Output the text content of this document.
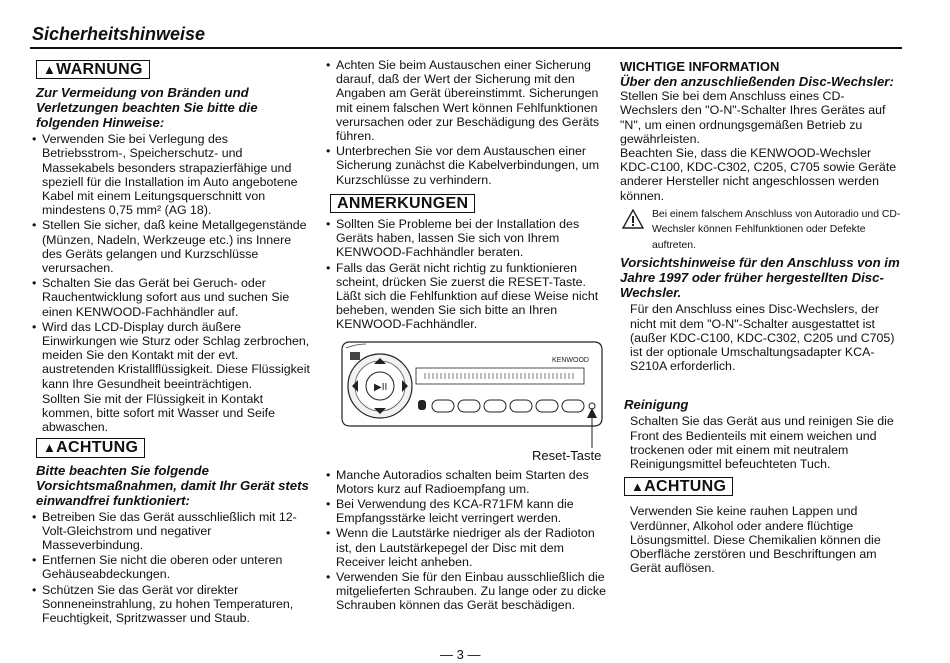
Sicherheitshinweise
▲WARNUNG
Zur Vermeidung von Bränden und Verletzungen beachten Sie bitte die folgenden Hinweise:
• Verwenden Sie bei Verlegung des Betriebsstrom-, Speicherschutz- und Massekabels besonders strapazierfähige und speziell für die Installation im Auto angebotene Kabel mit einem Leitungsquerschnitt von mindestens 0,75 mm² (AG 18).
• Stellen Sie sicher, daß keine Metallgegenstände (Münzen, Nadeln, Werkzeuge etc.) ins Innere des Geräts gelangen und Kurzschlüsse verursachen.
• Schalten Sie das Gerät bei Geruch- oder Rauchentwicklung sofort aus und suchen Sie einen KENWOOD-Fachhändler auf.
• Wird das LCD-Display durch äußere Einwirkungen wie Sturz oder Schlag zerbrochen, meiden Sie den Kontakt mit der evt. austretenden Kristallflüssigkeit. Diese Flüssigkeit kann Ihre Gesundheit beeinträchtigen.
Sollten Sie mit der Flüssigkeit in Kontakt kommen, bitte sofort mit Wasser und Seife abwaschen.
▲ACHTUNG
Bitte beachten Sie folgende Vorsichtsmaßnahmen, damit Ihr Gerät stets einwandfrei funktioniert:
• Betreiben Sie das Gerät ausschließlich mit 12-Volt-Gleichstrom und negativer Masseverbindung.
• Entfernen Sie nicht die oberen oder unteren Gehäuseabdeckungen.
• Schützen Sie das Gerät vor direkter Sonneneinstrahlung, zu hohen Temperaturen, Feuchtigkeit, Spritzwasser und Staub.
• Achten Sie beim Austauschen einer Sicherung darauf, daß der Wert der Sicherung mit den Angaben am Gerät übereinstimmt. Sicherungen mit einem falschen Wert können Fehlfunktionen verursachen oder zur Beschädigung des Geräts führen.
• Unterbrechen Sie vor dem Austauschen einer Sicherung zunächst die Kabelverbindungen, um Kurzschlüsse zu verhindern.
ANMERKUNGEN
• Sollten Sie Probleme bei der Installation des Geräts haben, lassen Sie sich von Ihrem KENWOOD-Fachhändler beraten.
• Falls das Gerät nicht richtig zu funktionieren scheint, drücken Sie zuerst die RESET-Taste. Läßt sich die Fehlfunktion auf diese Weise nicht beheben, wenden Sie sich bitte an Ihren KENWOOD-Fachhändler.
▶II
KENWOOD
Reset-Taste
• Manche Autoradios schalten beim Starten des Motors kurz auf Radioempfang um.
• Bei Verwendung des KCA-R71FM kann die Empfangsstärke leicht verringert werden.
• Wenn die Lautstärke niedriger als der Radioton ist, den Lautstärkepegel der Disc mit dem Receiver leicht anheben.
• Verwenden Sie für den Einbau ausschließlich die mitgelieferten Schrauben. Zu lange oder zu dicke Schrauben können das Gerät beschädigen.
WICHTIGE INFORMATION
Über den anzuschließenden Disc-Wechsler:

Stellen Sie bei dem Anschluss eines CD-Wechslers den "O-N"-Schalter Ihres Gerätes auf "N", um einen ordnungsgemäßen Betrieb zu gewährleisten.

Beachten Sie, dass die KENWOOD-Wechsler KDC-C100, KDC-C302, C205, C705 sowie Geräte anderer Hersteller nicht angeschlossen werden können.

Bei einem falschem Anschluss von Autoradio und CD-Wechsler können Fehlfunktionen oder Defekte auftreten.
Vorsichtshinweise für den Anschluss von im Jahre 1997 oder früher hergestellten Disc-Wechsler.

Für den Anschluss eines Disc-Wechslers, der nicht mit dem "O-N"-Schalter ausgestattet ist (außer KDC-C100, KDC-C302, C205 und C705) ist der optionale Umschaltungsadapter KCA-S210A erforderlich.

Reinigung

Schalten Sie das Gerät aus und reinigen Sie die Front des Bedienteils mit einem weichen und trockenen oder mit einem mit neutralem Reinigungsmittel befeuchteten Tuch.

▲ACHTUNG

Verwenden Sie keine rauhen Lappen und Verdünner, Alkohol oder andere flüchtige Lösungsmittel. Diese Chemikalien können die Oberfläche zerstören und Beschriftungen am Gerät auflösen.

— 3 —
